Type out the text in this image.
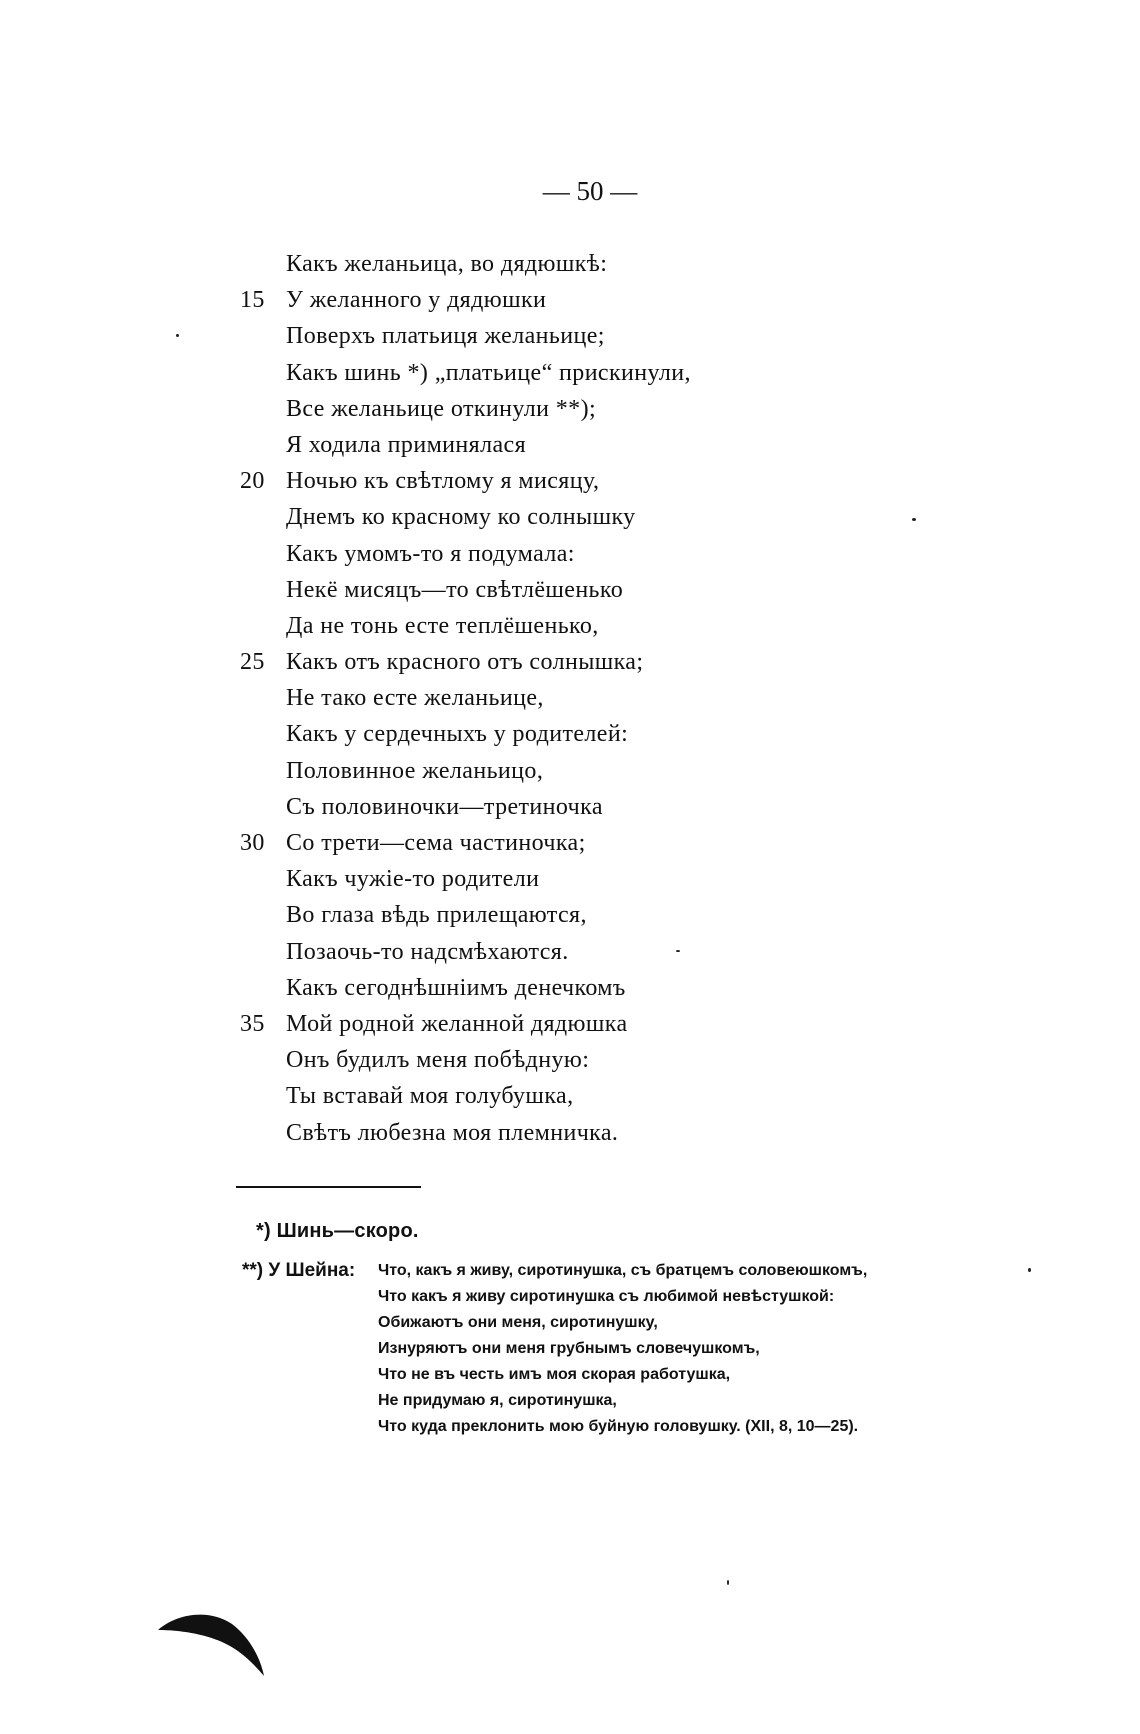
— 50 —
Какъ желаньица, во дядюшкѣ:
15 У желанного у дядюшки
Поверхъ платьиця желаньице;
Какъ шинь *) „платьице“ прискинули,
Все желаньице откинули **);
Я ходила приминялася
20 Ночью къ свѣтлому я мисяцу,
Днемъ ко красному ко солнышку
Какъ умомъ-то я подумала:
Некё мисяцъ—то свѣтлёшенько
Да не тонь есте теплёшенько,
25 Какъ отъ красного отъ солнышка;
Не тако есте желаньице,
Какъ у сердечныхъ у родителей:
Половинное желаньицо,
Съ половиночки—третиночка
30 Со трети—сема частиночка;
Какъ чужiе-то родители
Во глаза вѣдь прилещаются,
Позаочь-то надсмѣхаются.
Какъ сегоднѣшнiимъ денечкомъ
35 Мой родной желанной дядюшка
Онъ будилъ меня побѣдную:
Ты вставай моя голубушка,
Свѣтъ любезна моя племничка.
*) Шинь—скоро.
**) У Шейна: Что, какъ я живу, сиротинушка, съ братцемъ соловеюшкомъ,
Что какъ я живу сиротинушка съ любимой невѣстушкой:
Обижаютъ они меня, сиротинушку,
Изнуряютъ они меня грубнымъ словечушкомъ,
Что не въ честь имъ моя скорая работушка,
Не придумаю я, сиротинушка,
Что куда преклонить мою буйную головушку. (XII, 8, 10—25).
